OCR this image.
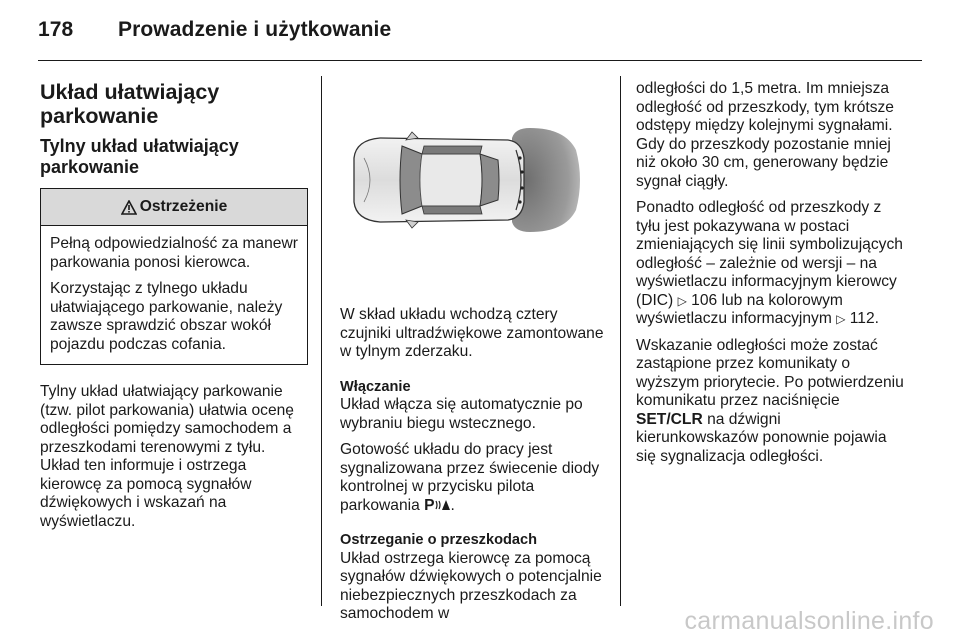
178 Prowadzenie i użytkowanie
Układ ułatwiający parkowanie
Tylny układ ułatwiający parkowanie
Ostrzeżenie

Pełną odpowiedzialność za manewr parkowania ponosi kierowca.

Korzystając z tylnego układu ułatwiającego parkowanie, należy zawsze sprawdzić obszar wokół pojazdu podczas cofania.

Tylny układ ułatwiający parkowanie (tzw. pilot parkowania) ułatwia ocenę odległości pomiędzy samochodem a przeszkodami terenowymi z tyłu. Układ ten informuje i ostrzega kierowcę za pomocą sygnałów dźwiękowych i wskazań na wyświetlaczu.

W skład układu wchodzą cztery czujniki ultradźwiękowe zamontowane w tylnym zderzaku.

Włączanie

Układ włącza się automatycznie po wybraniu biegu wstecznego.

Gotowość układu do pracy jest sygnalizowana przez świecenie diody kontrolnej w przycisku pilota parkowania P .

Ostrzeganie o przeszkodach

Układ ostrzega kierowcę za pomocą sygnałów dźwiękowych o potencjalnie niebezpiecznych przeszkodach za samochodem w

odległości do 1,5 metra. Im mniejsza odległość od przeszkody, tym krótsze odstępy między kolejnymi sygnałami. Gdy do przeszkody pozostanie mniej niż około 30 cm, generowany będzie sygnał ciągły.

Ponadto odległość od przeszkody z tyłu jest pokazywana w postaci zmieniających się linii symbolizujących odległość – zależnie od wersji – na wyświetlaczu informacyjnym kierowcy (DIC) ▷ 106 lub na kolorowym wyświetlaczu informacyjnym ▷ 112.

Wskazanie odległości może zostać zastąpione przez komunikaty o wyższym priorytecie. Po potwierdzeniu komunikatu przez naciśnięcie SET/CLR na dźwigni kierunkowskazów ponownie pojawia się sygnalizacja odległości.

carmanualsonline.info
